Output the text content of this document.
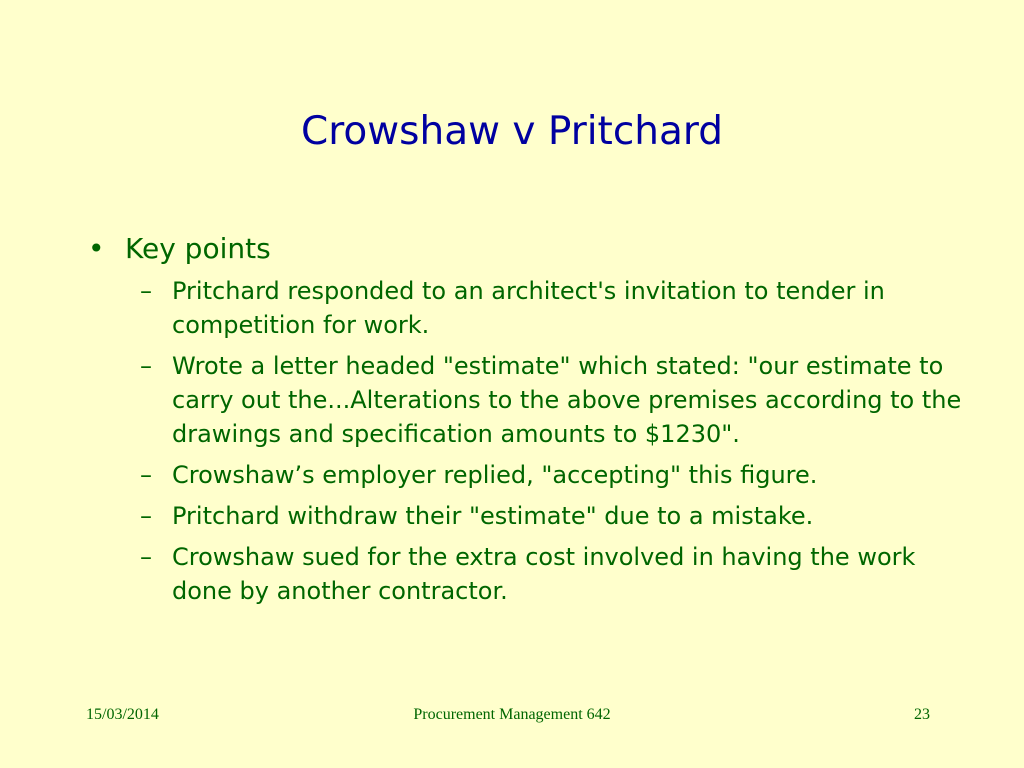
Crowshaw v Pritchard
• Key points
– Pritchard responded to an architect's invitation to tender in competition for work.
– Wrote a letter headed "estimate" which stated: "our estimate to carry out the...Alterations to the above premises according to the drawings and specification amounts to $1230".
– Crowshaw’s employer replied, "accepting" this figure.
– Pritchard withdraw their "estimate" due to a mistake.
– Crowshaw sued for the extra cost involved in having the work done by another contractor.
15/03/2014	Procurement Management 642	23
